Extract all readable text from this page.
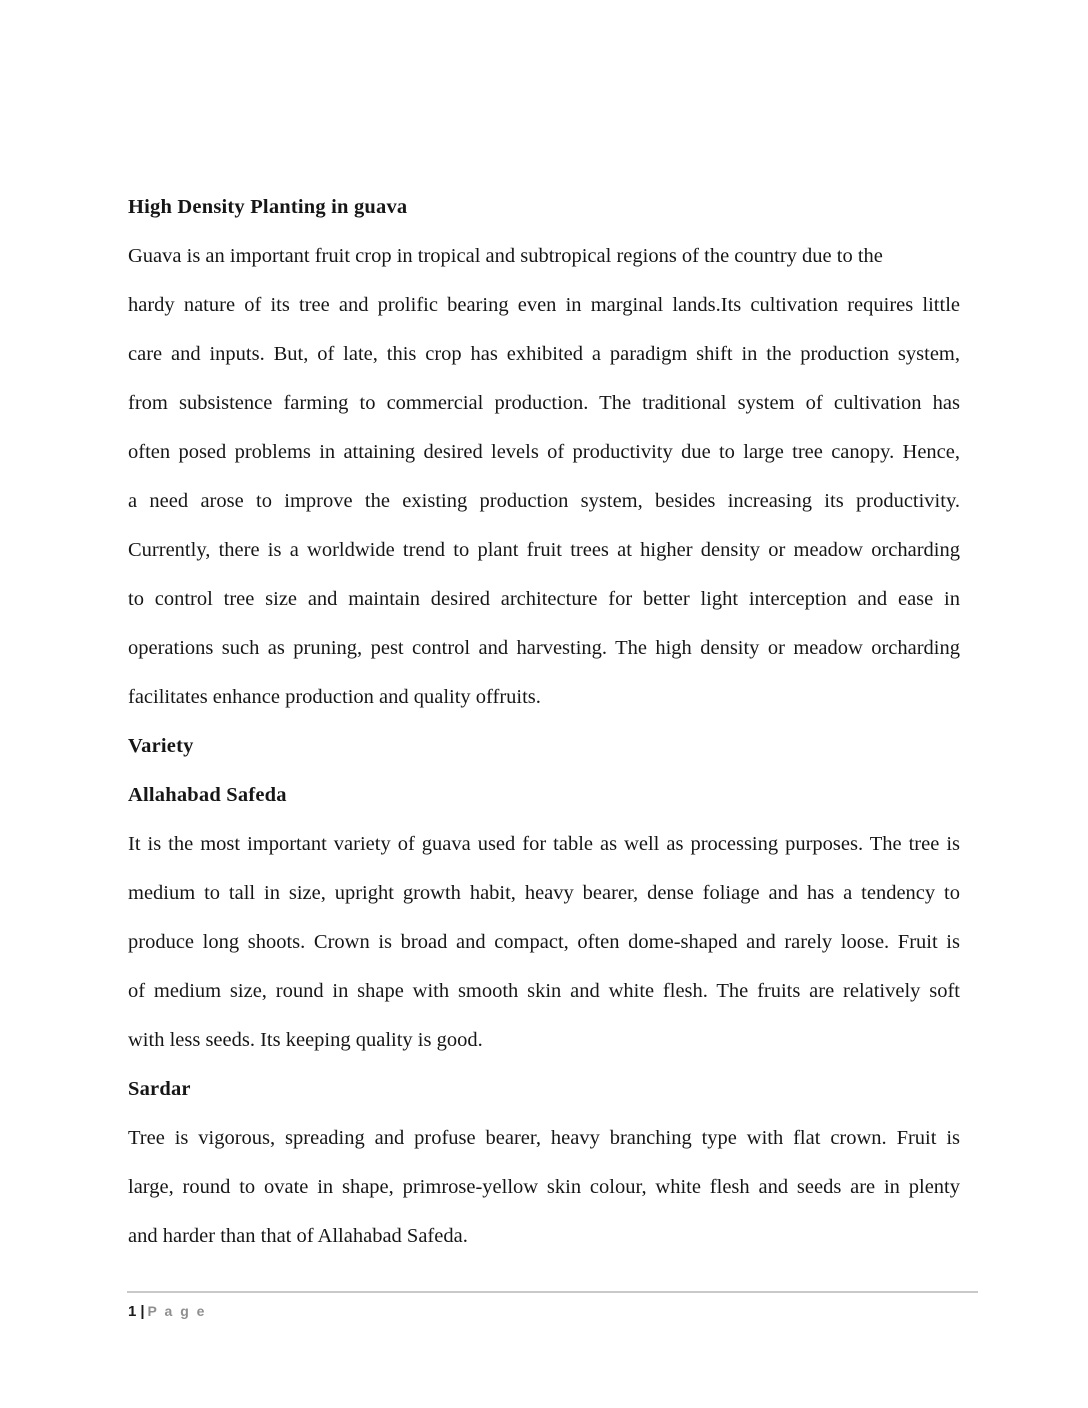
High Density Planting in guava
Guava is an important fruit crop in tropical and subtropical regions of the country due to the
hardy nature of its tree and prolific bearing even in marginal lands.Its cultivation requires little
care and inputs. But, of late, this crop has exhibited a paradigm shift in the production system,
from subsistence farming to commercial production. The traditional system of cultivation has
often posed problems in attaining desired levels of productivity due to large tree canopy. Hence,
a need arose to improve the existing production system, besides increasing its productivity.
Currently, there is a worldwide trend to plant fruit trees at higher density or meadow orcharding
to control tree size and maintain desired architecture for better light interception and ease in
operations such as pruning, pest control and harvesting. The high density or meadow orcharding
facilitates enhance production and quality offruits.
Variety
Allahabad Safeda
It is the most important variety of guava used for table as well as processing purposes. The tree is
medium to tall in size, upright growth habit, heavy bearer, dense foliage and has a tendency to
produce long shoots. Crown is broad and compact, often dome-shaped and rarely loose. Fruit is
of medium size, round in shape with smooth skin and white flesh. The fruits are relatively soft
with less seeds. Its keeping quality is good.
Sardar
Tree is vigorous, spreading and profuse bearer, heavy branching type with flat crown. Fruit is
large, round to ovate in shape, primrose-yellow skin colour, white flesh and seeds are in plenty
and harder than that of Allahabad Safeda.
1 | P a g e
